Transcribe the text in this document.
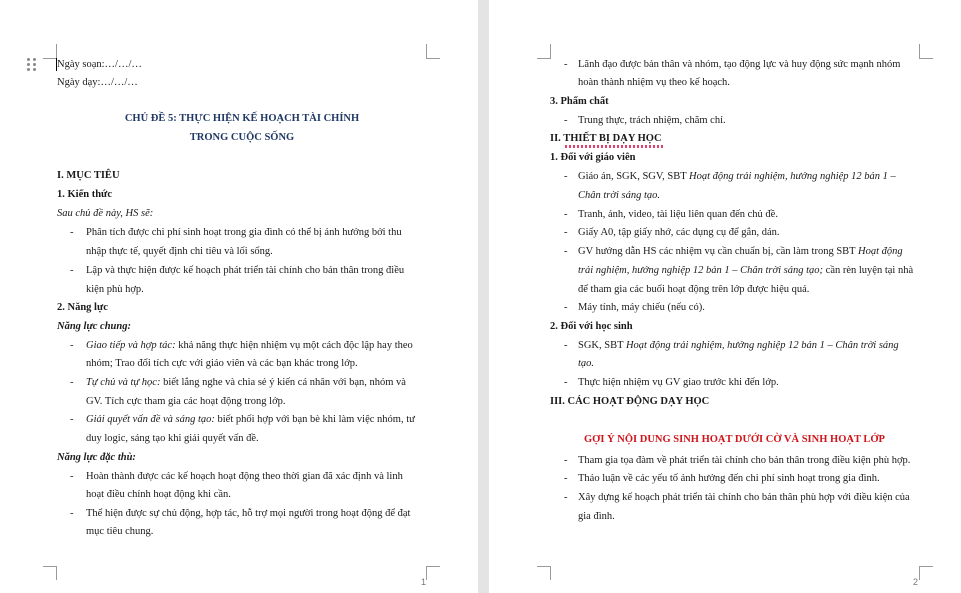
Ngày soạn:…/…/…
Ngày dạy:…/…/…
CHỦ ĐỀ 5: THỰC HIỆN KẾ HOẠCH TÀI CHÍNH
TRONG CUỘC SỐNG
I. MỤC TIÊU
1. Kiến thức
Sau chủ đề này, HS sẽ:
- Phân tích được chi phí sinh hoạt trong gia đình có thể bị ảnh hưởng bởi thu
nhập thực tế, quyết định chi tiêu và lối sống.
- Lập và thực hiện được kế hoạch phát triển tài chính cho bản thân trong điều
kiện phù hợp.
2. Năng lực
Năng lực chung:
- Giao tiếp và hợp tác: khả năng thực hiện nhiệm vụ một cách độc lập hay theo
nhóm; Trao đổi tích cực với giáo viên và các bạn khác trong lớp.
- Tự chủ và tự học: biết lắng nghe và chia sẻ ý kiến cá nhân với bạn, nhóm và
GV. Tích cực tham gia các hoạt động trong lớp.
- Giải quyết vấn đề và sáng tạo: biết phối hợp với bạn bè khi làm việc nhóm, tư
duy logic, sáng tạo khi giải quyết vấn đề.
Năng lực đặc thù:
- Hoàn thành được các kế hoạch hoạt động theo thời gian đã xác định và linh
hoạt điều chỉnh hoạt động khi cần.
- Thể hiện được sự chủ động, hợp tác, hỗ trợ mọi người trong hoạt động để đạt
mục tiêu chung.
1
- Lãnh đạo được bản thân và nhóm, tạo động lực và huy động sức mạnh nhóm
hoàn thành nhiệm vụ theo kế hoạch.
3. Phẩm chất
- Trung thực, trách nhiệm, chăm chỉ.
II. THIẾT BỊ DẠY HỌC
1. Đối với giáo viên
- Giáo án, SGK, SGV, SBT Hoạt động trải nghiệm, hướng nghiệp 12 bản 1 –
Chân trời sáng tạo.
- Tranh, ảnh, video, tài liệu liên quan đến chủ đề.
- Giấy A0, tập giấy nhớ, các dụng cụ để gắn, dán.
- GV hướng dẫn HS các nhiệm vụ cần chuẩn bị, cần làm trong SBT Hoạt động
trải nghiệm, hướng nghiệp 12 bản 1 – Chân trời sáng tạo; cần rèn luyện tại nhà
để tham gia các buổi hoạt động trên lớp được hiệu quả.
- Máy tính, máy chiếu (nếu có).
2. Đối với học sinh
- SGK, SBT Hoạt động trải nghiệm, hướng nghiệp 12 bản 1 – Chân trời sáng
tạo.
- Thực hiện nhiệm vụ GV giao trước khi đến lớp.
III. CÁC HOẠT ĐỘNG DẠY HỌC
GỢI Ý NỘI DUNG SINH HOẠT DƯỚI CỜ VÀ SINH HOẠT LỚP
- Tham gia tọa đàm về phát triển tài chính cho bản thân trong điều kiện phù hợp.
- Thảo luận về các yếu tố ảnh hưởng đến chi phí sinh hoạt trong gia đình.
- Xây dựng kế hoạch phát triển tài chính cho bản thân phù hợp với điều kiện của
gia đình.
2
